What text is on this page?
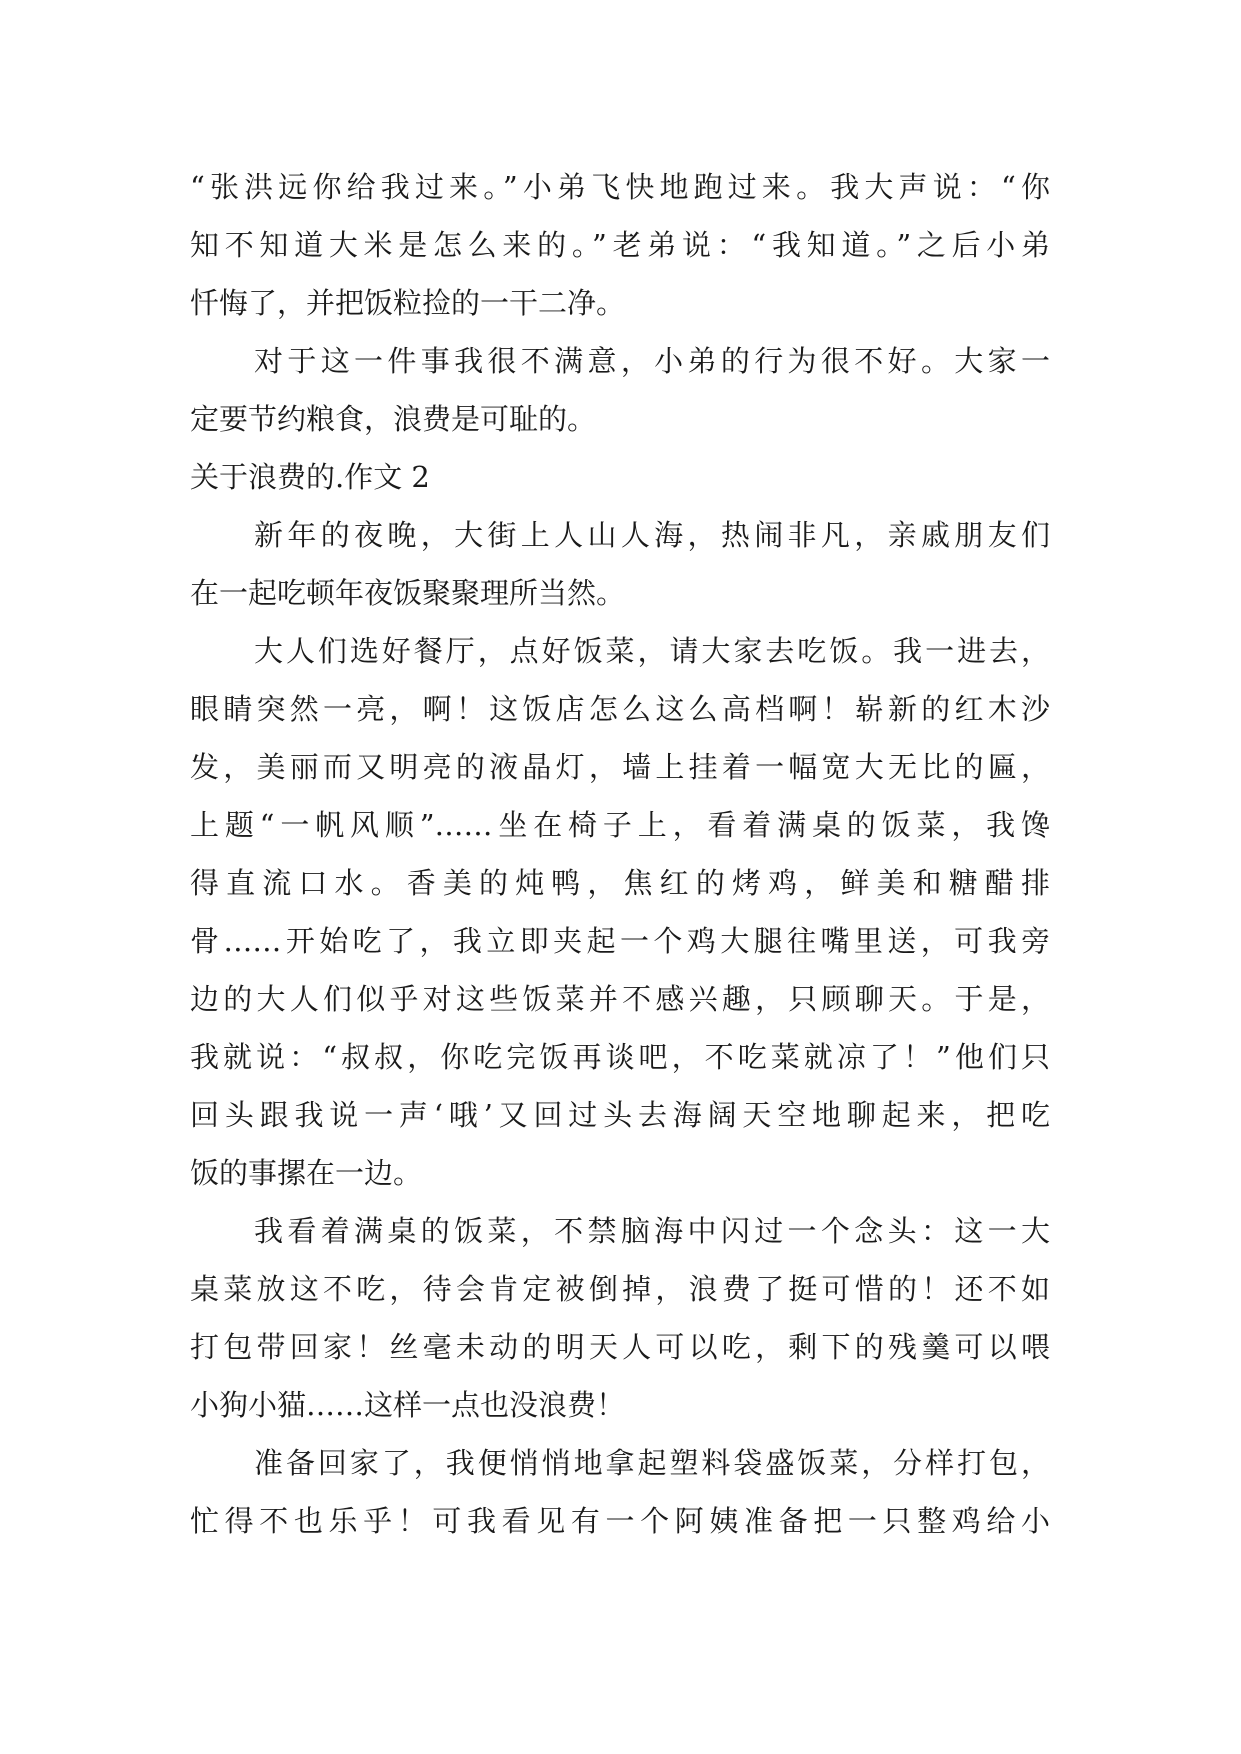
“张洪远你给我过来。”小弟飞快地跑过来。我大声说：“你
知不知道大米是怎么来的。”老弟说：“我知道。”之后小弟
忏悔了，并把饭粒捡的一干二净。
对于这一件事我很不满意，小弟的行为很不好。大家一
定要节约粮食，浪费是可耻的。
关于浪费的.作文 2
新年的夜晚，大街上人山人海，热闹非凡，亲戚朋友们
在一起吃顿年夜饭聚聚理所当然。
大人们选好餐厅，点好饭菜，请大家去吃饭。我一进去，
眼睛突然一亮，啊！这饭店怎么这么高档啊！崭新的红木沙
发，美丽而又明亮的液晶灯，墙上挂着一幅宽大无比的匾，
上题“一帆风顺”……坐在椅子上，看着满桌的饭菜，我馋
得直流口水。香美的炖鸭，焦红的烤鸡，鲜美和糖醋排
骨……开始吃了，我立即夹起一个鸡大腿往嘴里送，可我旁
边的大人们似乎对这些饭菜并不感兴趣，只顾聊天。于是，
我就说：“叔叔，你吃完饭再谈吧，不吃菜就凉了！”他们只
回头跟我说一声‘哦’又回过头去海阔天空地聊起来，把吃
饭的事摞在一边。
我看着满桌的饭菜，不禁脑海中闪过一个念头：这一大
桌菜放这不吃，待会肯定被倒掉，浪费了挺可惜的！还不如
打包带回家！丝毫未动的明天人可以吃，剩下的残羹可以喂
小狗小猫……这样一点也没浪费！
准备回家了，我便悄悄地拿起塑料袋盛饭菜，分样打包，
忙得不也乐乎！可我看见有一个阿姨准备把一只整鸡给小
